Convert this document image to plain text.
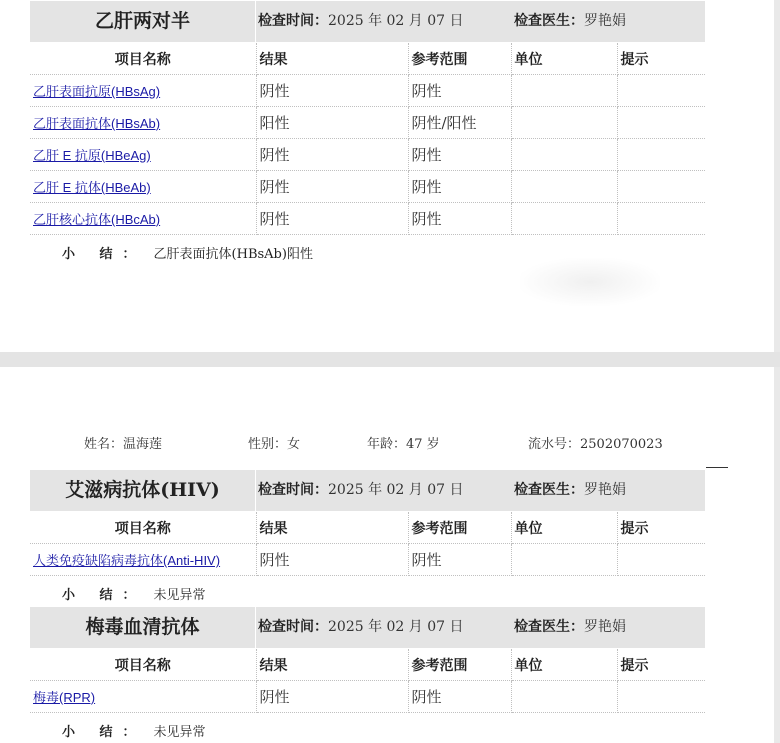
乙肝两对半	检查时间：2025 年 02 月 07 日	检查医生：罗艳娟
项目名称	结果	参考范围	单位	提示
乙肝表面抗原(HBsAg)	阴性	阴性		
乙肝表面抗体(HBsAb)	阳性	阴性/阳性		
乙肝 E 抗原(HBeAg)	阴性	阴性		
乙肝 E 抗体(HBeAb)	阴性	阴性		
乙肝核心抗体(HBcAb)	阴性	阴性		
小 结： 乙肝表面抗体(HBsAb)阳性
姓名：温海莲	性别：女	年龄：47 岁	流水号：2502070023
艾滋病抗体(HIV)	检查时间：2025 年 02 月 07 日	检查医生：罗艳娟
项目名称	结果	参考范围	单位	提示
人类免疫缺陷病毒抗体(Anti-HIV)	阴性	阴性		
小 结： 未见异常
梅毒血清抗体	检查时间：2025 年 02 月 07 日	检查医生：罗艳娟
项目名称	结果	参考范围	单位	提示
梅毒(RPR)	阴性	阴性		
小 结： 未见异常
